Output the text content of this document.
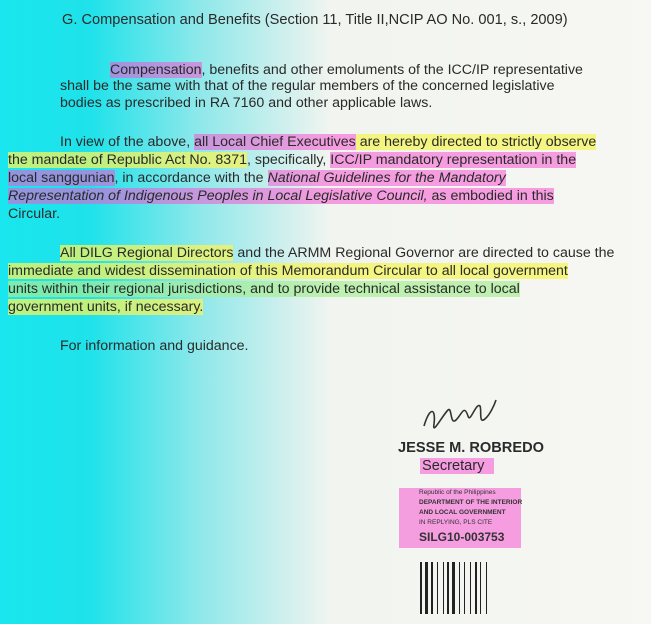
G. Compensation and Benefits (Section 11, Title II,NCIP AO No. 001, s., 2009)
Compensation, benefits and other emoluments of the ICC/IP representative
shall be the same with that of the regular members of the concerned legislative
bodies as prescribed in RA 7160 and other applicable laws.
In view of the above, all Local Chief Executives are hereby directed to strictly observe
the mandate of Republic Act No. 8371, specifically, ICC/IP mandatory representation in the
local sanggunian, in accordance with the National Guidelines for the Mandatory
Representation of Indigenous Peoples in Local Legislative Council, as embodied in this
Circular.
All DILG Regional Directors and the ARMM Regional Governor are directed to cause the
immediate and widest dissemination of this Memorandum Circular to all local government
units within their regional jurisdictions, and to provide technical assistance to local
government units, if necessary.
For information and guidance.
JESSE M. ROBREDO
Secretary
Republic of the Philippines
DEPARTMENT OF THE INTERIOR
AND LOCAL GOVERNMENT
IN REPLYING, PLS CITE
SILG10-003753
